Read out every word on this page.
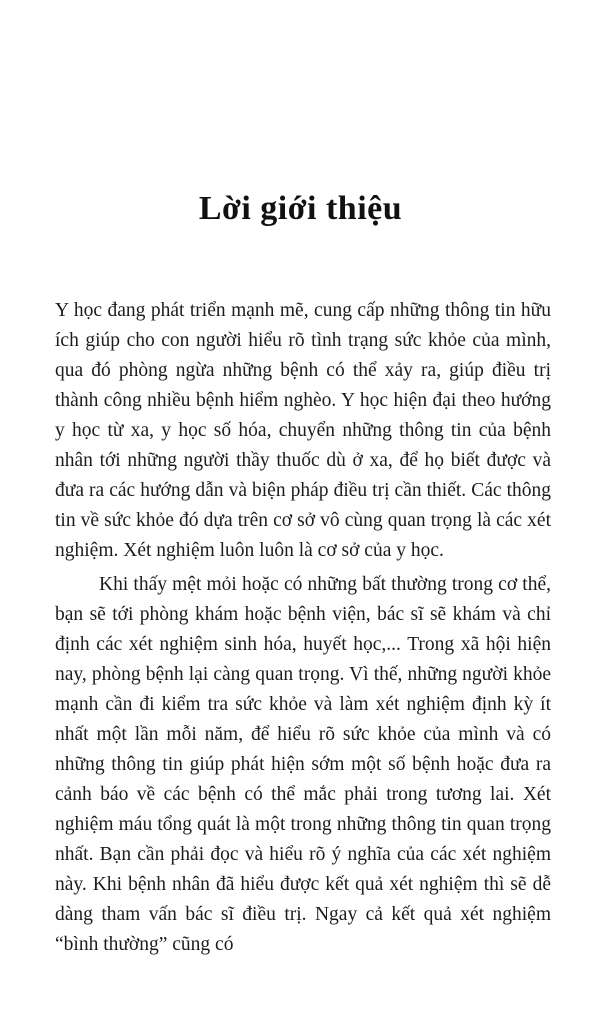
Lời giới thiệu

Y học đang phát triển mạnh mẽ, cung cấp những thông tin hữu ích giúp cho con người hiểu rõ tình trạng sức khỏe của mình, qua đó phòng ngừa những bệnh có thể xảy ra, giúp điều trị thành công nhiều bệnh hiểm nghèo. Y học hiện đại theo hướng y học từ xa, y học số hóa, chuyển những thông tin của bệnh nhân tới những người thầy thuốc dù ở xa, để họ biết được và đưa ra các hướng dẫn và biện pháp điều trị cần thiết. Các thông tin về sức khỏe đó dựa trên cơ sở vô cùng quan trọng là các xét nghiệm. Xét nghiệm luôn luôn là cơ sở của y học.

Khi thấy mệt mỏi hoặc có những bất thường trong cơ thể, bạn sẽ tới phòng khám hoặc bệnh viện, bác sĩ sẽ khám và chỉ định các xét nghiệm sinh hóa, huyết học,... Trong xã hội hiện nay, phòng bệnh lại càng quan trọng. Vì thế, những người khỏe mạnh cần đi kiểm tra sức khỏe và làm xét nghiệm định kỳ ít nhất một lần mỗi năm, để hiểu rõ sức khỏe của mình và có những thông tin giúp phát hiện sớm một số bệnh hoặc đưa ra cảnh báo về các bệnh có thể mắc phải trong tương lai. Xét nghiệm máu tổng quát là một trong những thông tin quan trọng nhất. Bạn cần phải đọc và hiểu rõ ý nghĩa của các xét nghiệm này. Khi bệnh nhân đã hiểu được kết quả xét nghiệm thì sẽ dễ dàng tham vấn bác sĩ điều trị. Ngay cả kết quả xét nghiệm “bình thường” cũng có
